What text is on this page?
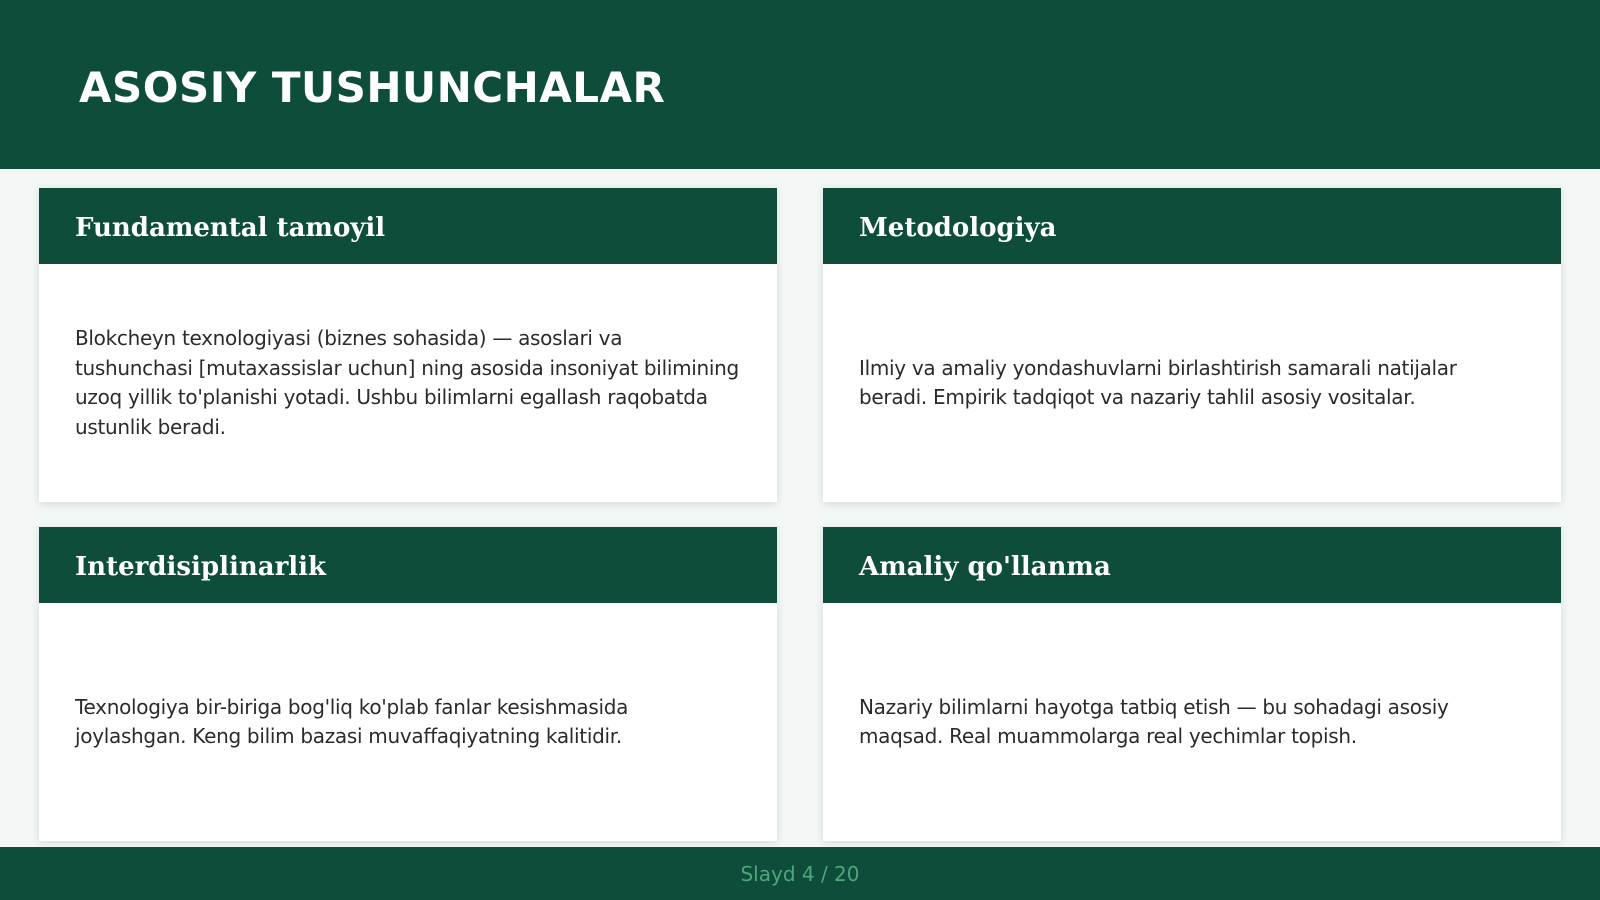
ASOSIY TUSHUNCHALAR
Fundamental tamoyil

Blokcheyn texnologiyasi (biznes sohasida) — asoslari va tushunchasi [mutaxassislar uchun] ning asosida insoniyat bilimining uzoq yillik to'planishi yotadi. Ushbu bilimlarni egallash raqobatda ustunlik beradi.

Metodologiya

Ilmiy va amaliy yondashuvlarni birlashtirish samarali natijalar beradi. Empirik tadqiqot va nazariy tahlil asosiy vositalar.

Interdisiplinarlik

Texnologiya bir-biriga bog'liq ko'plab fanlar kesishmasida joylashgan. Keng bilim bazasi muvaffaqiyatning kalitidir.

Amaliy qo'llanma

Nazariy bilimlarni hayotga tatbiq etish — bu sohadagi asosiy maqsad. Real muammolarga real yechimlar topish.

Slayd 4 / 20
